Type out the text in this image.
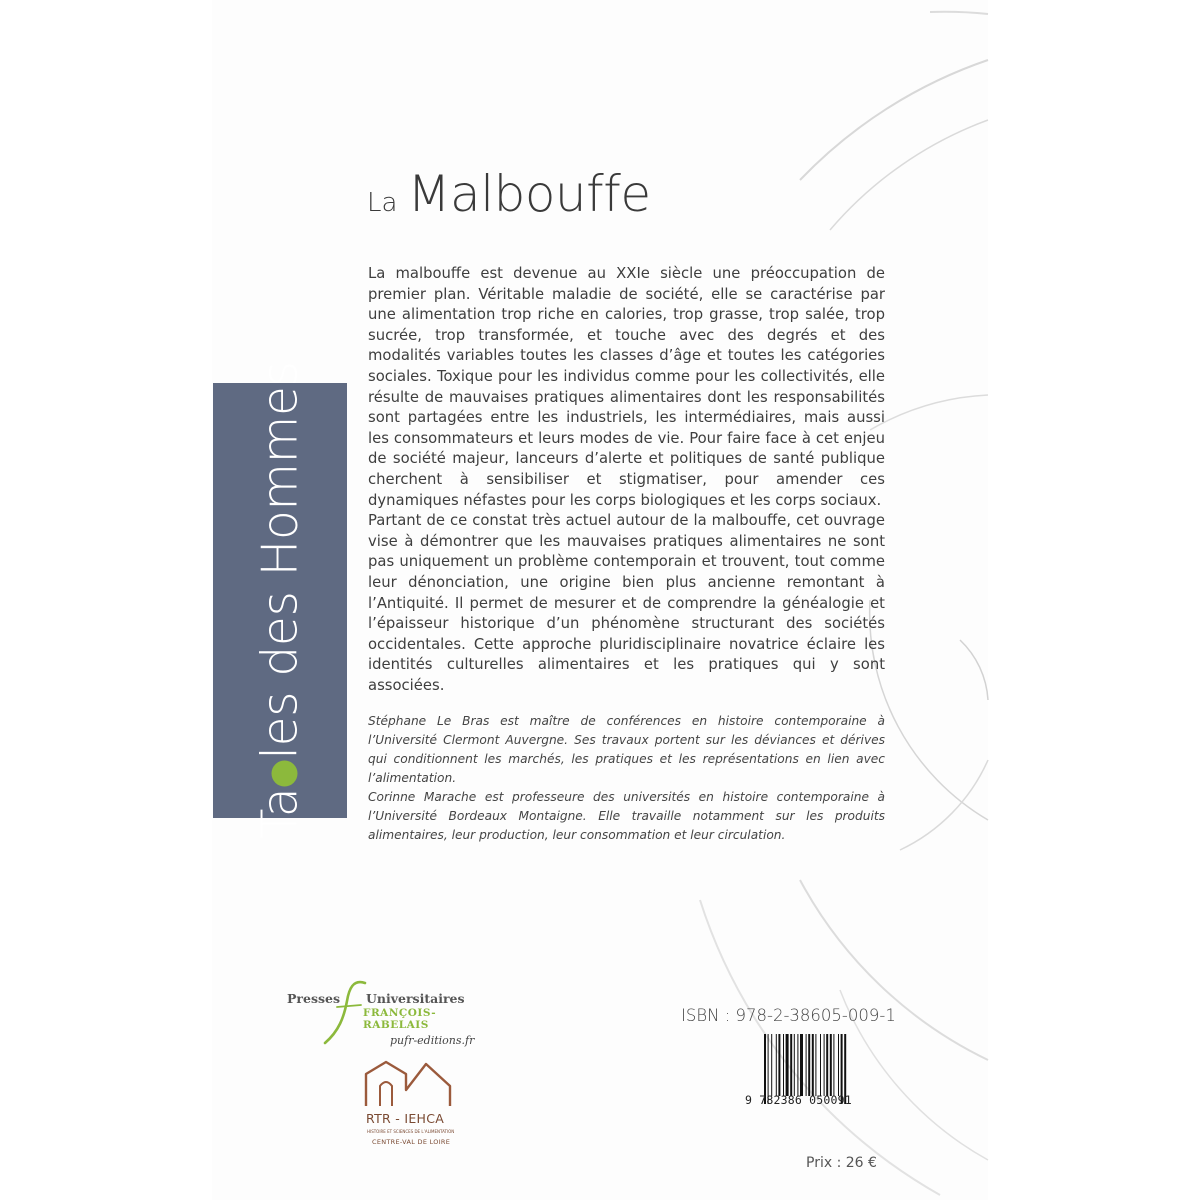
Tales des Hommes
La Malbouffe

La malbouffe est devenue au XXIe siècle une préoccupation de premier plan. Véritable maladie de société, elle se caractérise par une alimentation trop riche en calories, trop grasse, trop salée, trop sucrée, trop transformée, et touche avec des degrés et des modalités variables toutes les classes d’âge et toutes les catégories sociales. Toxique pour les individus comme pour les collectivités, elle résulte de mauvaises pratiques alimentaires dont les responsabilités sont partagées entre les industriels, les intermédiaires, mais aussi les consommateurs et leurs modes de vie. Pour faire face à cet enjeu de société majeur, lanceurs d’alerte et politiques de santé publique cherchent à sensibiliser et stigmatiser, pour amender ces dynamiques néfastes pour les corps biologiques et les corps sociaux.

Partant de ce constat très actuel autour de la malbouffe, cet ouvrage vise à démontrer que les mauvaises pratiques alimentaires ne sont pas uniquement un problème contemporain et trouvent, tout comme leur dénonciation, une origine bien plus ancienne remontant à l’Antiquité. Il permet de mesurer et de comprendre la généalogie et l’épaisseur historique d’un phénomène structurant des sociétés occidentales. Cette approche pluridisciplinaire novatrice éclaire les identités culturelles alimentaires et les pratiques qui y sont associées.

Stéphane Le Bras est maître de conférences en histoire contemporaine à l’Université Clermont Auvergne. Ses travaux portent sur les déviances et dérives qui conditionnent les marchés, les pratiques et les représentations en lien avec l’alimentation.

Corinne Marache est professeure des universités en histoire contemporaine à l’Université Bordeaux Montaigne. Elle travaille notamment sur les produits alimentaires, leur production, leur consommation et leur circulation.

Presses Universitaires
FRANÇOIS-RABELAIS
pufr-editions.fr
RTR - IEHCA
HISTOIRE ET SCIENCES DE L’ALIMENTATION
CENTRE-VAL DE LOIRE
ISBN : 978-2-38605-009-1
9 782386 050091
Prix : 26 €
